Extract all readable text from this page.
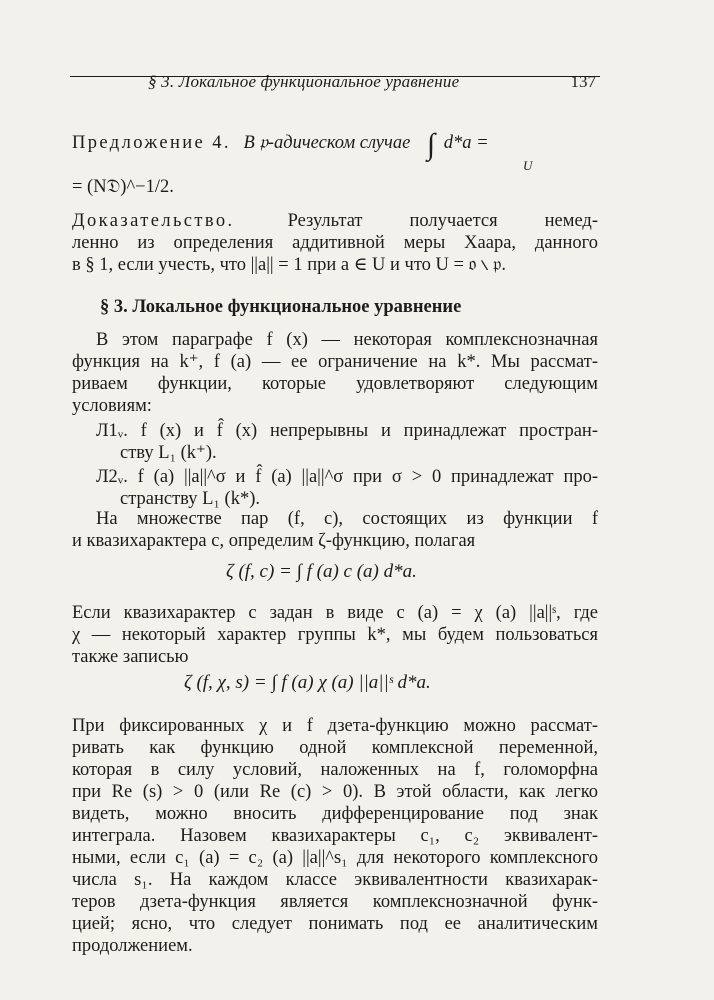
§ 3. Локальное функциональное уравнение	137
Предложение 4. В 𝔭-адическом случае ∫ d*a =
U
= (N𝔇)^−1/2.
Доказательство.	Результат получается немед-
ленно из определения аддитивной меры Хаара, данного
в § 1, если учесть, что ||a|| = 1 при a ∈ U и что U = 𝔬 ∖ 𝔭.
§ 3. Локальное функциональное уравнение
В этом параграфе f (x) — некоторая комплекснозначная
функция на k⁺, f (a) — ее ограничение на k*. Мы рассмат-
риваем функции, которые удовлетворяют следующим
условиям:
Л1ᵥ. f (x) и f̂ (x) непрерывны и принадлежат простран-
ству L₁ (k⁺).
Л2ᵥ. f (a) ||a||^σ и f̂ (a) ||a||^σ при σ > 0 принадлежат про-
странству L₁ (k*).
На множестве пар (f, c), состоящих из функции f
и квазихарактера c, определим ζ-функцию, полагая
ζ (f, c) = ∫ f (a) c (a) d*a.
Если квазихарактер c задан в виде c (a) = χ (a) ||a||ˢ, где
χ — некоторый характер группы k*, мы будем пользоваться
также записью
ζ (f, χ, s) = ∫ f (a) χ (a) ||a||ˢ d*a.
При фиксированных χ и f дзета-функцию можно рассмат-
ривать как функцию одной комплексной переменной,
которая в силу условий, наложенных на f, голоморфна
при Re (s) > 0 (или Re (c) > 0). В этой области, как легко
видеть, можно вносить дифференцирование под знак
интеграла. Назовем квазихарактеры c₁, c₂ эквивалент-
ными, если c₁ (a) = c₂ (a) ||a||^s₁ для некоторого комплексного
числа s₁. На каждом классе эквивалентности квазихарак-
теров дзета-функция является комплекснозначной функ-
цией; ясно, что следует понимать под ее аналитическим
продолжением.
